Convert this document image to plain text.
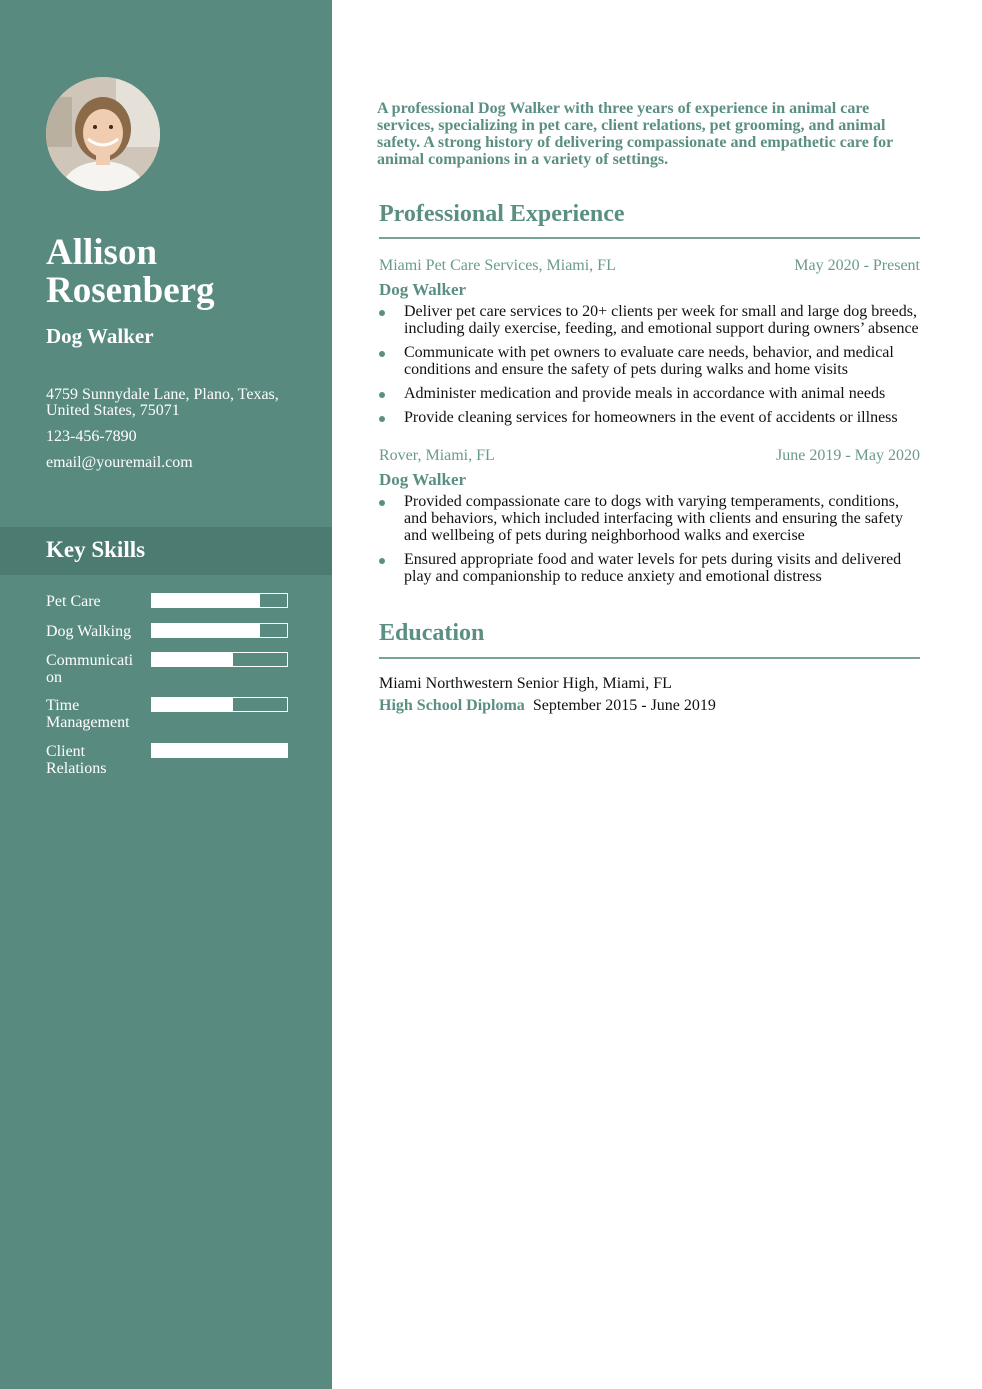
Allison Rosenberg
Dog Walker
4759 Sunnydale Lane, Plano, Texas, United States, 75071
123-456-7890
email@youremail.com
Key Skills
Pet Care
Dog Walking
Communication
Time Management
Client Relations
A professional Dog Walker with three years of experience in animal care services, specializing in pet care, client relations, pet grooming, and animal safety. A strong history of delivering compassionate and empathetic care for animal companions in a variety of settings.
Professional Experience
Miami Pet Care Services, Miami, FL	May 2020 - Present
Dog Walker
Deliver pet care services to 20+ clients per week for small and large dog breeds, including daily exercise, feeding, and emotional support during owners’ absence
Communicate with pet owners to evaluate care needs, behavior, and medical conditions and ensure the safety of pets during walks and home visits
Administer medication and provide meals in accordance with animal needs
Provide cleaning services for homeowners in the event of accidents or illness
Rover, Miami, FL	June 2019 - May 2020
Dog Walker
Provided compassionate care to dogs with varying temperaments, conditions, and behaviors, which included interfacing with clients and ensuring the safety and wellbeing of pets during neighborhood walks and exercise
Ensured appropriate food and water levels for pets during visits and delivered play and companionship to reduce anxiety and emotional distress
Education
Miami Northwestern Senior High, Miami, FL
High School Diploma September 2015 - June 2019
